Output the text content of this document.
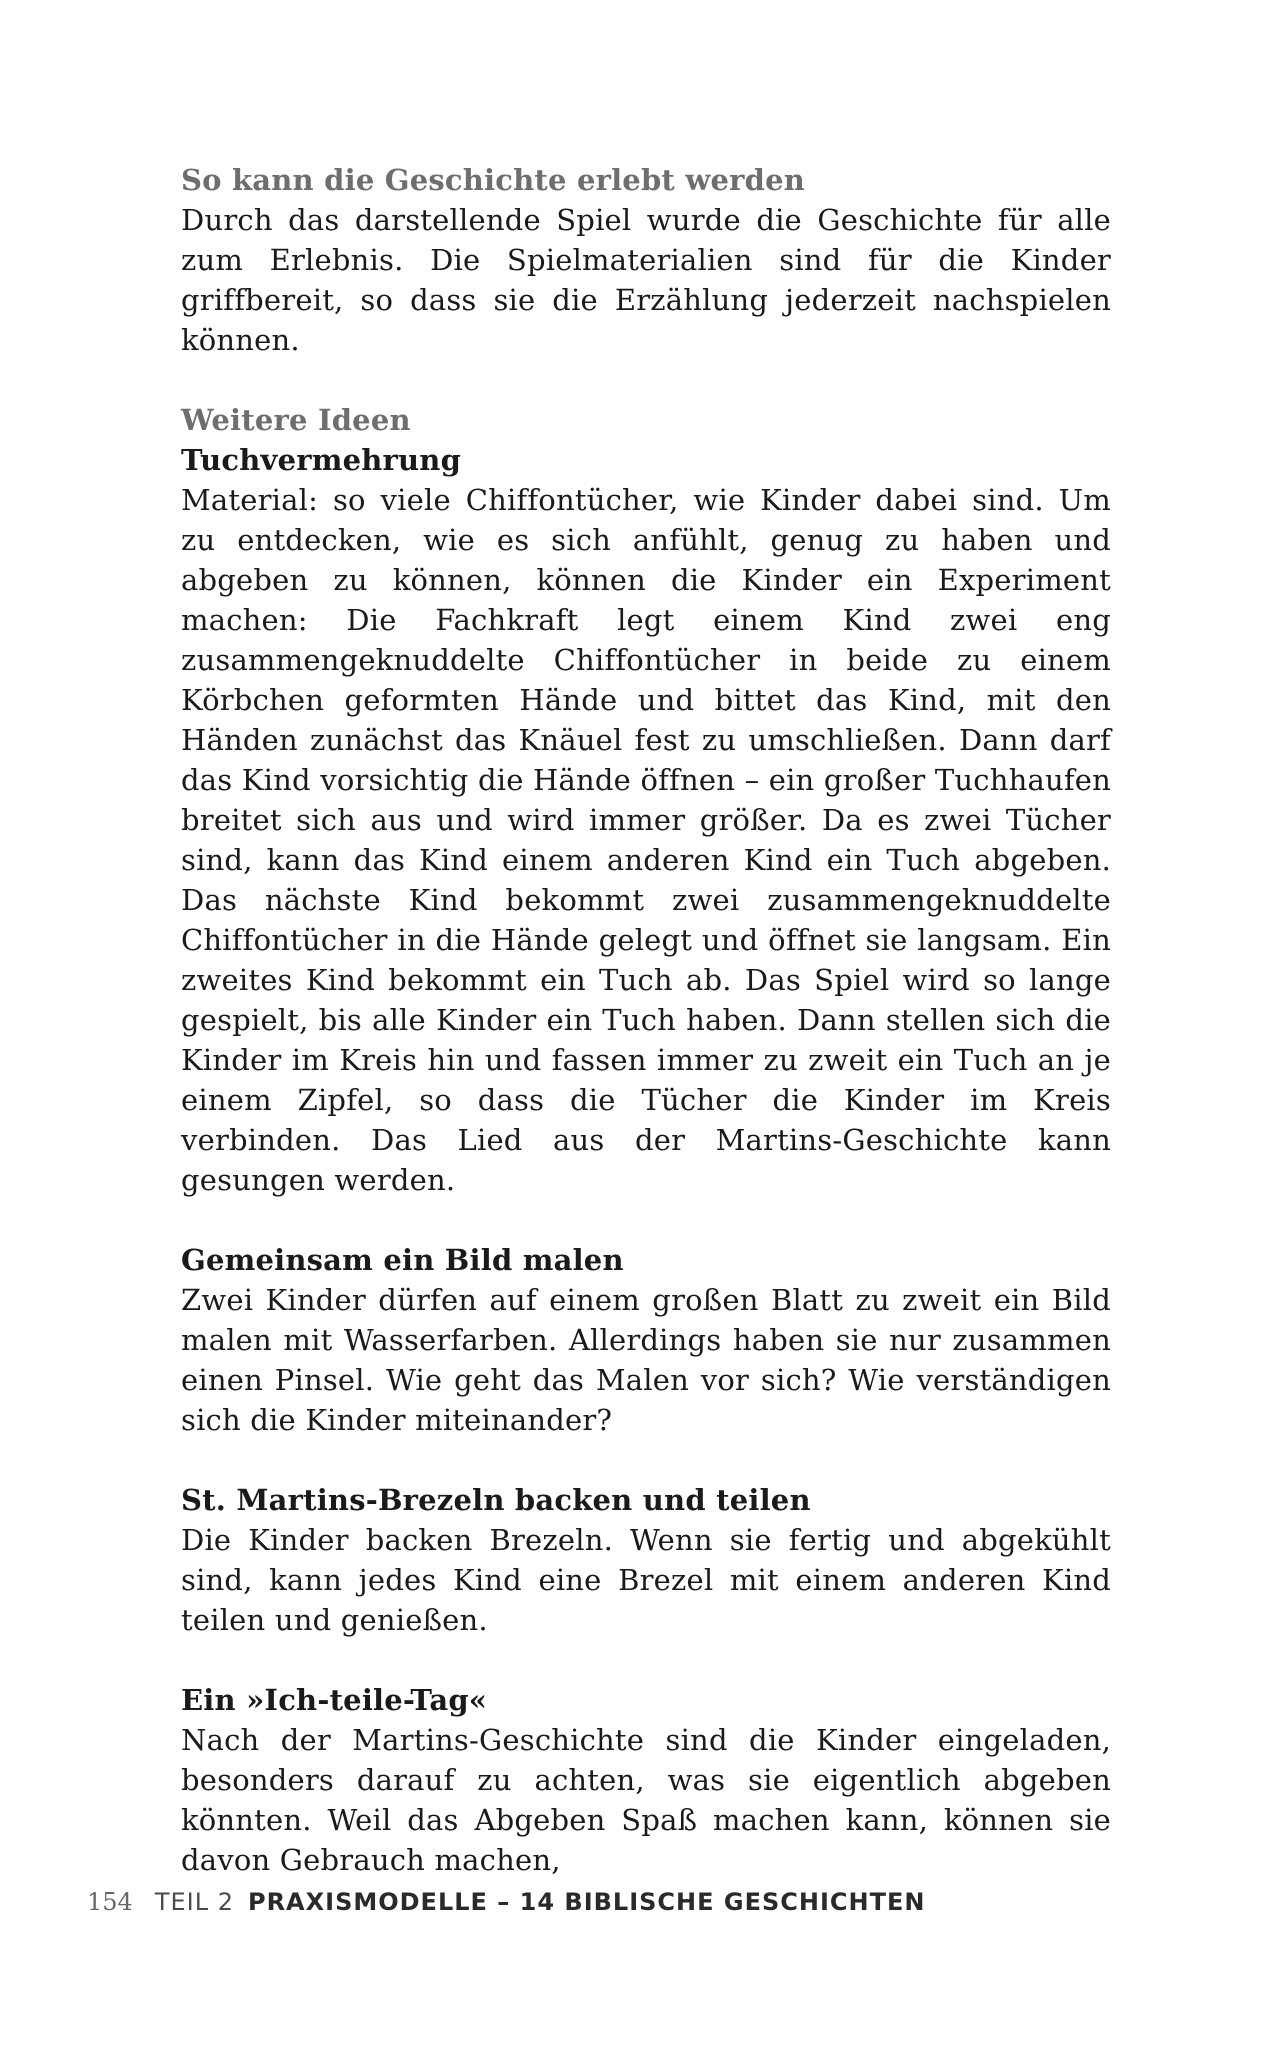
So kann die Geschichte erlebt werden

Durch das darstellende Spiel wurde die Geschichte für alle zum Erlebnis. Die Spielmaterialien sind für die Kinder griffbereit, so dass sie die Erzählung jederzeit nachspielen können.

Weitere Ideen
Tuchvermehrung

Material: so viele Chiffontücher, wie Kinder dabei sind. Um zu entdecken, wie es sich anfühlt, genug zu haben und abgeben zu können, können die Kinder ein Experiment machen: Die Fachkraft legt einem Kind zwei eng zusammengeknuddelte Chiffontücher in beide zu einem Körbchen geformten Hände und bittet das Kind, mit den Händen zunächst das Knäuel fest zu umschließen. Dann darf das Kind vorsichtig die Hände öffnen – ein großer Tuchhaufen breitet sich aus und wird immer größer. Da es zwei Tücher sind, kann das Kind einem anderen Kind ein Tuch abgeben. Das nächste Kind bekommt zwei zusammengeknuddelte Chiffontücher in die Hände gelegt und öffnet sie langsam. Ein zweites Kind bekommt ein Tuch ab. Das Spiel wird so lange gespielt, bis alle Kinder ein Tuch haben. Dann stellen sich die Kinder im Kreis hin und fassen immer zu zweit ein Tuch an je einem Zipfel, so dass die Tücher die Kinder im Kreis verbinden. Das Lied aus der Martins-Geschichte kann gesungen werden.

Gemeinsam ein Bild malen

Zwei Kinder dürfen auf einem großen Blatt zu zweit ein Bild malen mit Wasserfarben. Allerdings haben sie nur zusammen einen Pinsel. Wie geht das Malen vor sich? Wie verständigen sich die Kinder miteinander?

St. Martins-Brezeln backen und teilen

Die Kinder backen Brezeln. Wenn sie fertig und abgekühlt sind, kann jedes Kind eine Brezel mit einem anderen Kind teilen und genießen.

Ein »Ich-teile-Tag«

Nach der Martins-Geschichte sind die Kinder eingeladen, besonders darauf zu achten, was sie eigentlich abgeben könnten. Weil das Abgeben Spaß machen kann, können sie davon Gebrauch machen,

154 TEIL 2 PRAXISMODELLE – 14 BIBLISCHE GESCHICHTEN
